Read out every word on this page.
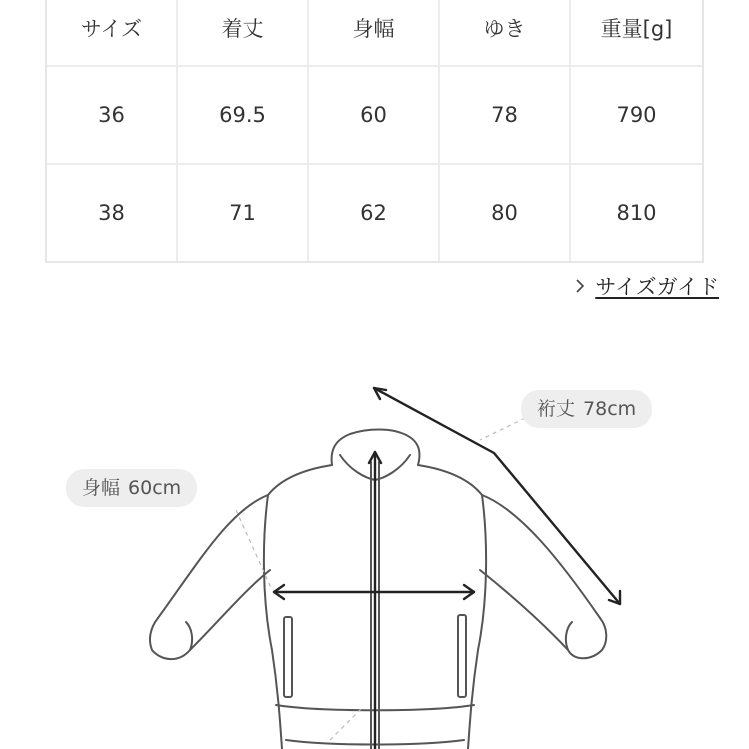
サイズ	着丈	身幅	ゆき	重量[g]
36	69.5	60	78	790
38	71	62	80	810
サイズガイド
裄丈 78cm
身幅 60cm
